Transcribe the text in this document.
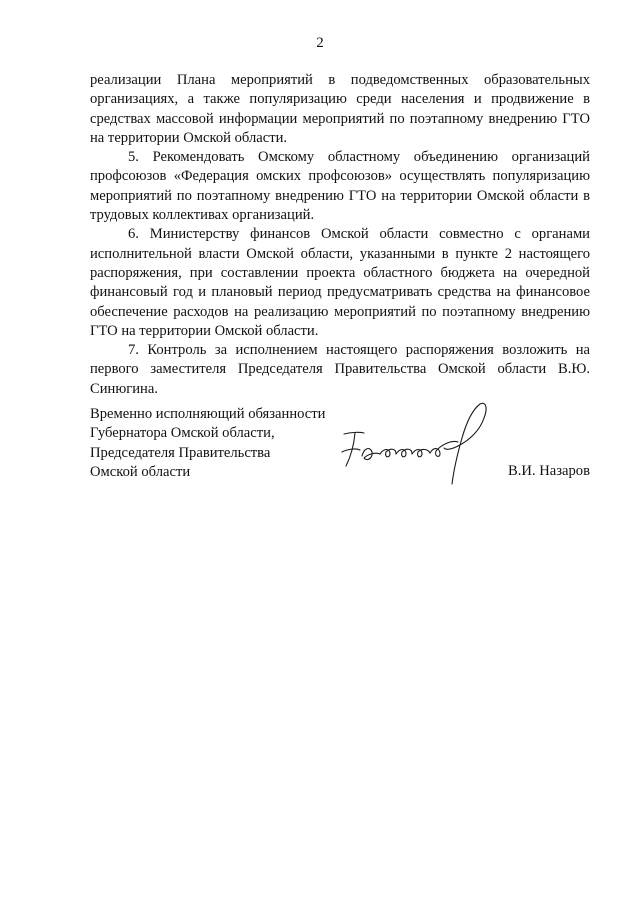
2

реализации Плана мероприятий в подведомственных образовательных организациях, а также популяризацию среди населения и продвижение в средствах массовой информации мероприятий по поэтапному внедрению ГТО на территории Омской области.

5. Рекомендовать Омскому областному объединению организаций профсоюзов «Федерация омских профсоюзов» осуществлять популяризацию мероприятий по поэтапному внедрению ГТО на территории Омской области в трудовых коллективах организаций.

6. Министерству финансов Омской области совместно с органами исполнительной власти Омской области, указанными в пункте 2 настоящего распоряжения, при составлении проекта областного бюджета на очередной финансовый год и плановый период предусматривать средства на финансовое обеспечение расходов на реализацию мероприятий по поэтапному внедрению ГТО на территории Омской области.

7. Контроль за исполнением настоящего распоряжения возложить на первого заместителя Председателя Правительства Омской области В.Ю. Синюгина.

Временно исполняющий обязанности
Губернатора Омской области,
Председателя Правительства
Омской области	В.И. Назаров
